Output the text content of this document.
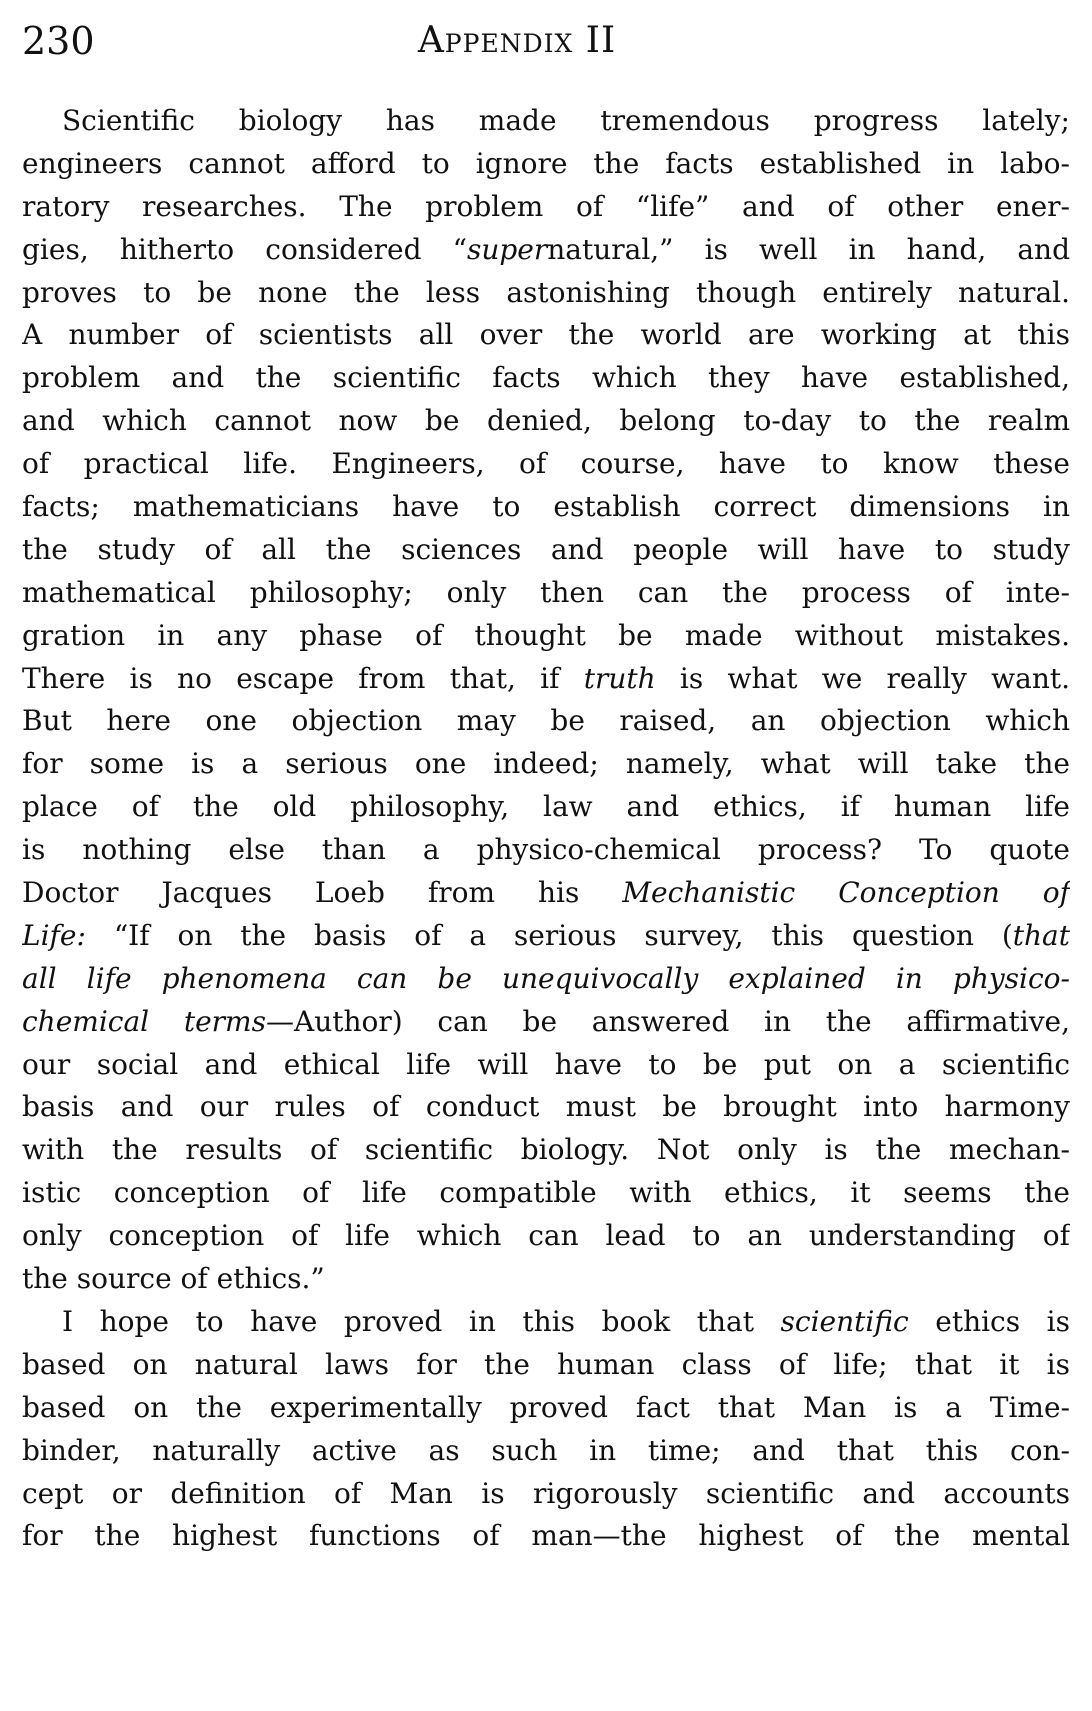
230	Appendix II
Scientific biology has made tremendous progress lately;
engineers cannot afford to ignore the facts established in labo-
ratory researches. The problem of “life” and of other ener-
gies, hitherto considered “supernatural,” is well in hand, and
proves to be none the less astonishing though entirely natural.
A number of scientists all over the world are working at this
problem and the scientific facts which they have established,
and which cannot now be denied, belong to-day to the realm
of practical life. Engineers, of course, have to know these
facts; mathematicians have to establish correct dimensions in
the study of all the sciences and people will have to study
mathematical philosophy; only then can the process of inte-
gration in any phase of thought be made without mistakes.
There is no escape from that, if truth is what we really want.
But here one objection may be raised, an objection which
for some is a serious one indeed; namely, what will take the
place of the old philosophy, law and ethics, if human life
is nothing else than a physico-chemical process? To quote
Doctor Jacques Loeb from his Mechanistic Conception of
Life: “If on the basis of a serious survey, this question (that
all life phenomena can be unequivocally explained in physico-
chemical terms—Author) can be answered in the affirmative,
our social and ethical life will have to be put on a scientific
basis and our rules of conduct must be brought into harmony
with the results of scientific biology. Not only is the mechan-
istic conception of life compatible with ethics, it seems the
only conception of life which can lead to an understanding of
the source of ethics.”
I hope to have proved in this book that scientific ethics is
based on natural laws for the human class of life; that it is
based on the experimentally proved fact that Man is a Time-
binder, naturally active as such in time; and that this con-
cept or definition of Man is rigorously scientific and accounts
for the highest functions of man—the highest of the mental
